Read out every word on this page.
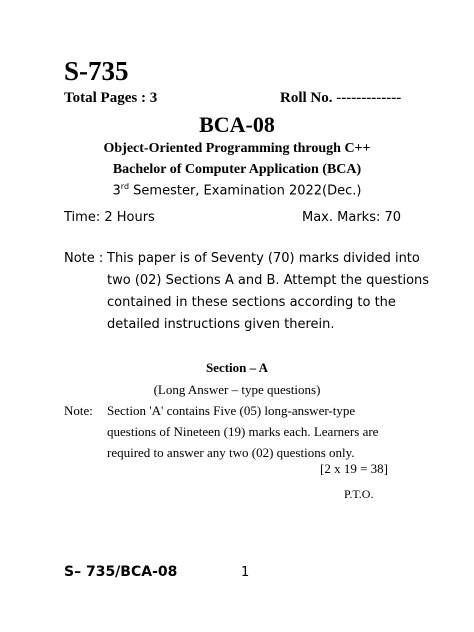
S-735
Total Pages : 3	Roll No. -------------
BCA-08
Object-Oriented Programming through C++
Bachelor of Computer Application (BCA)
3rd Semester, Examination 2022(Dec.)
Time: 2 Hours	Max. Marks: 70
Note : This paper is of Seventy (70) marks divided into
two (02) Sections A and B. Attempt the questions
contained in these sections according to the
detailed instructions given therein.
Section – A
(Long Answer – type questions)
Note: Section 'A' contains Five (05) long-answer-type
questions of Nineteen (19) marks each. Learners are
required to answer any two (02) questions only.
[2 x 19 = 38]
P.T.O.
S– 735/BCA-08	1
